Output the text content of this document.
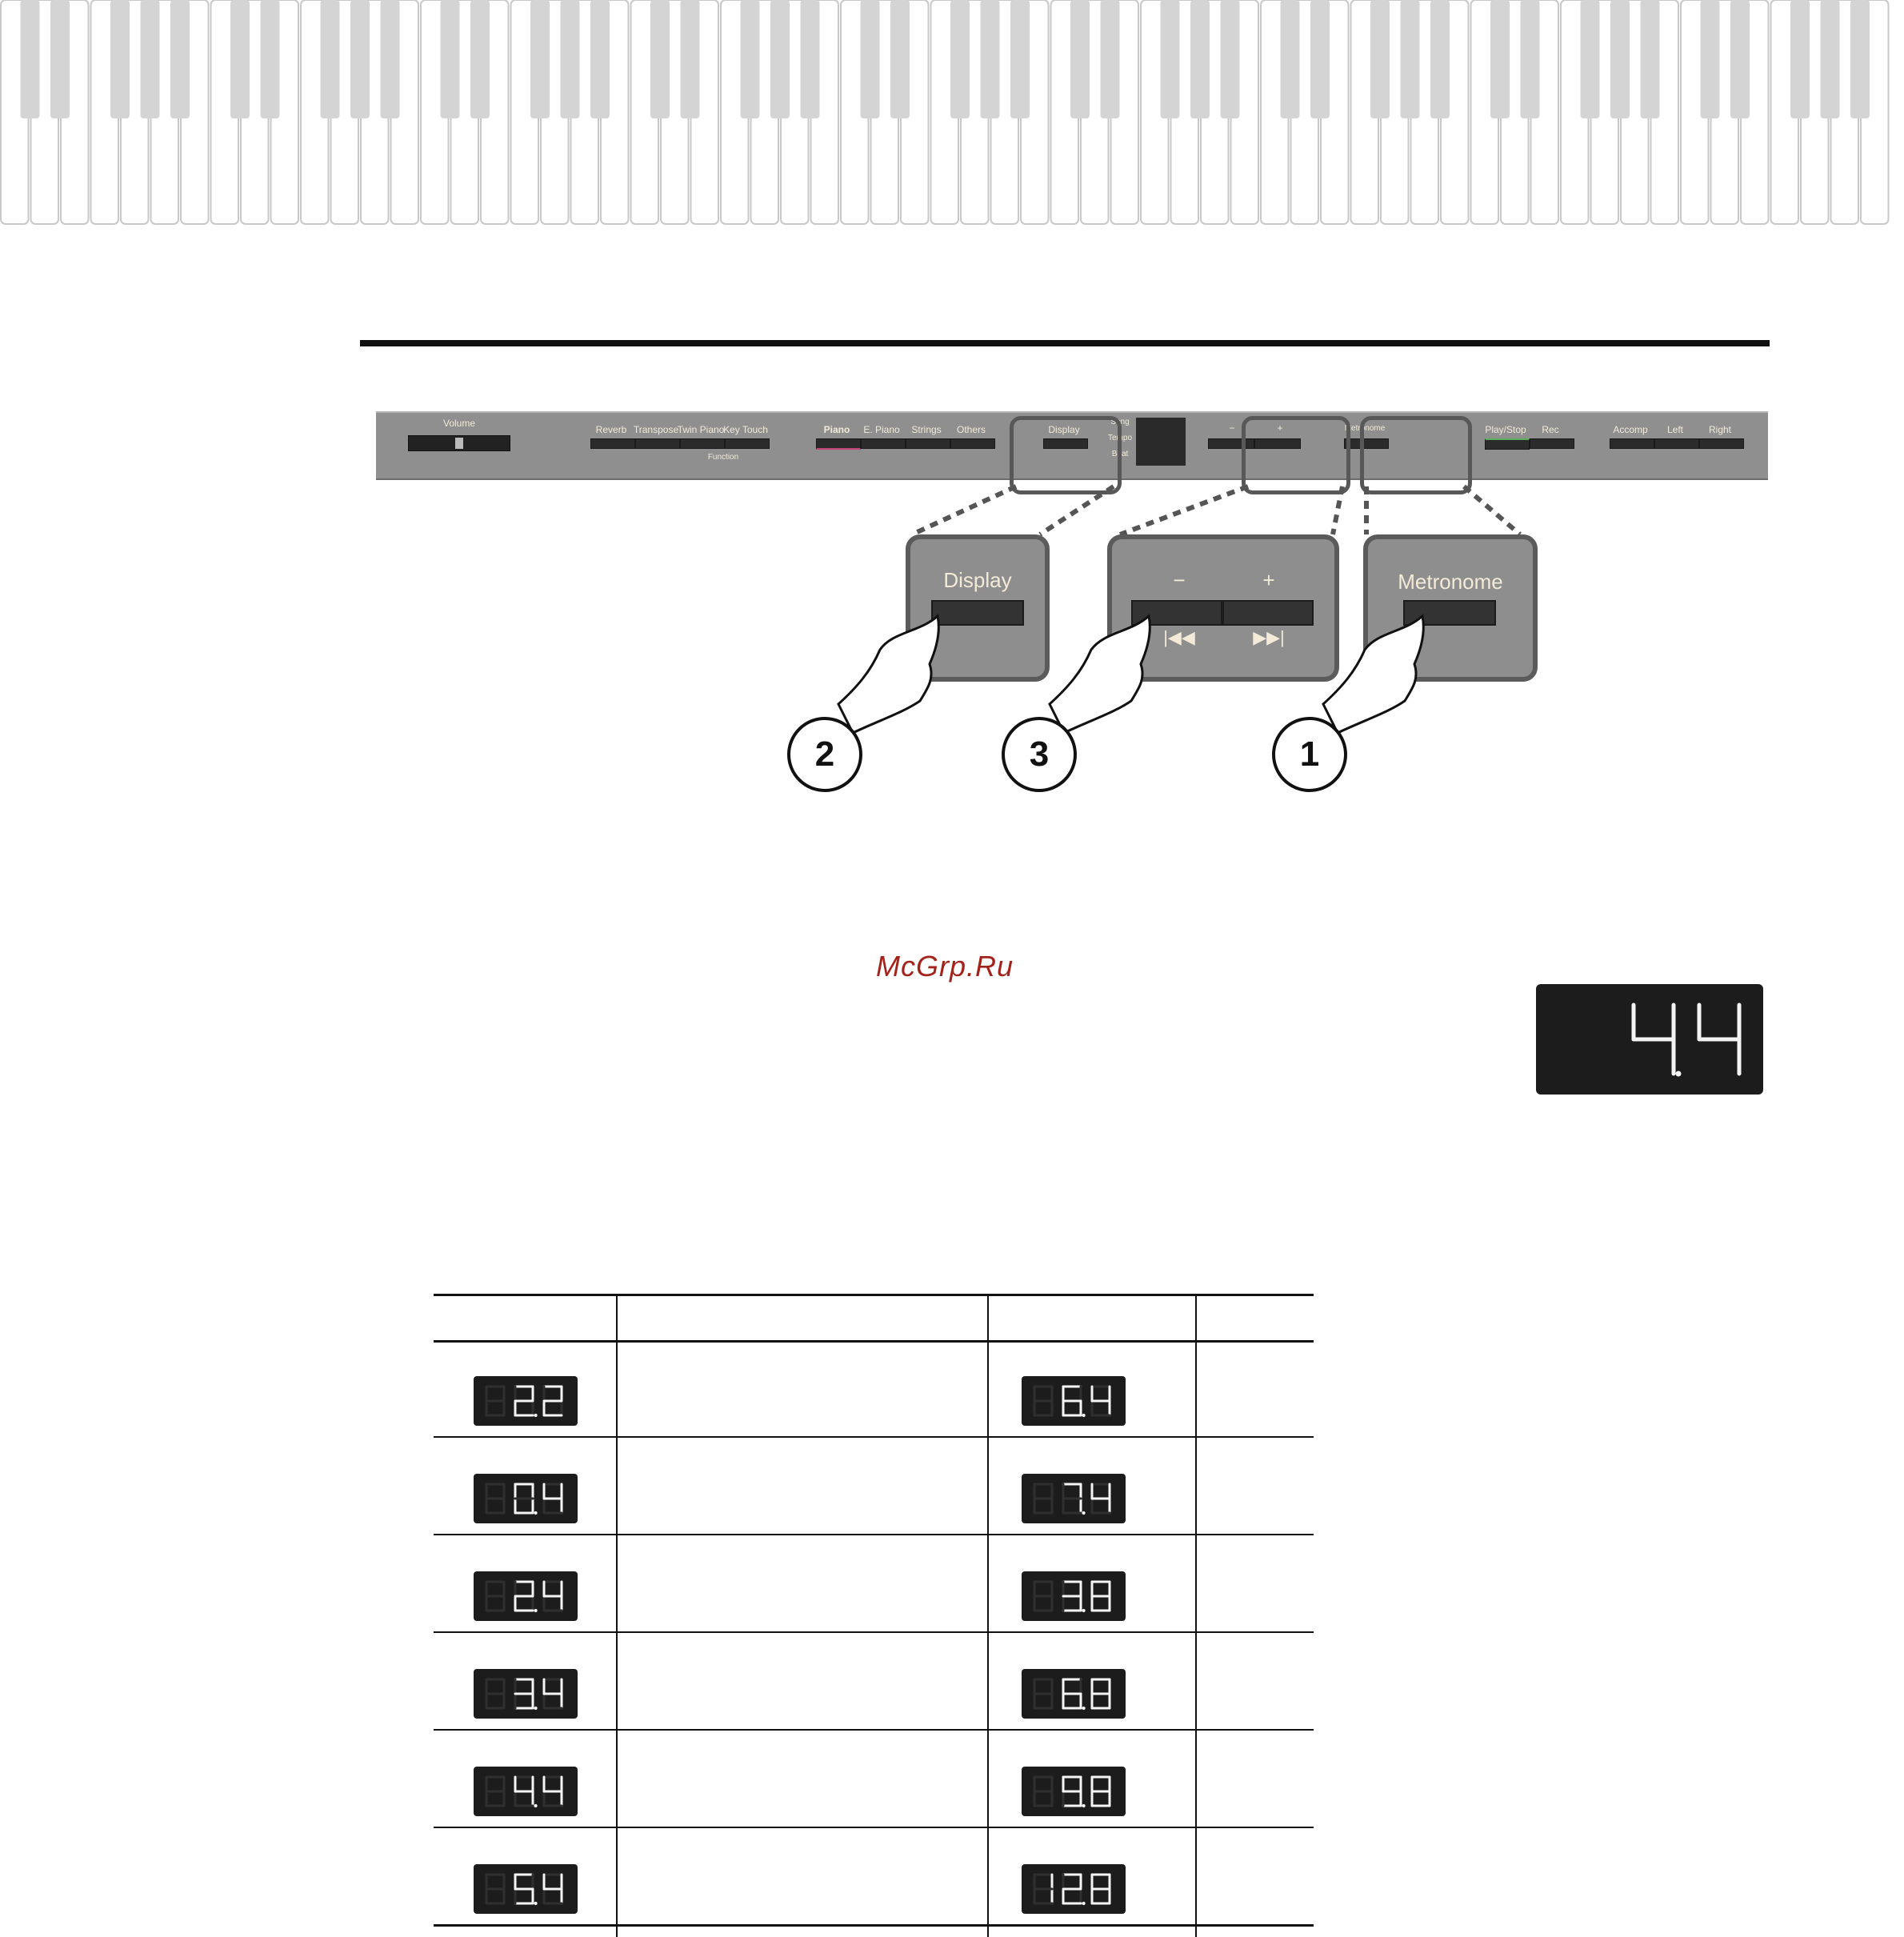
Volume
Reverb Transpose
Twin Piano
Key Touch
Function
Piano E. Piano Strings Others	Display
Song
Tempo
Beat
−	+	Metronome	Play/Stop Rec	Accomp Left	Right
Display	−	+
|◀◀	▶▶|
Metronome
2	3	1
McGrp.Ru
